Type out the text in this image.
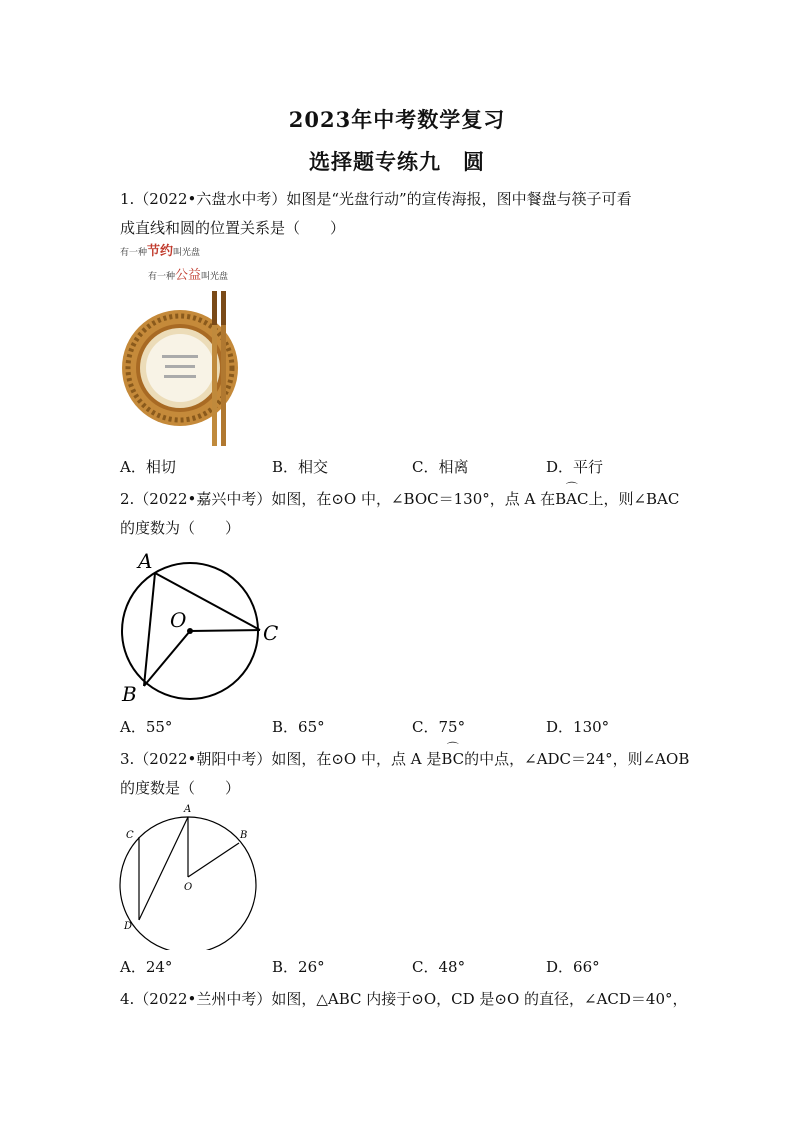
2023年中考数学复习
选择题专练九　圆
1.（2022•六盘水中考）如图是“光盘行动”的宣传海报，图中餐盘与筷子可看
成直线和圆的位置关系是（　　）
有一种节约叫光盘
有一种公益叫光盘
A．相切	B．相交	C．相离	D．平行
2.（2022•嘉兴中考）如图，在⊙O 中，∠BOC＝130°，点 A 在⌒ BAC上，则∠BAC
的度数为（　　）
A
O
C
B
A．55°	B．65°	C．75°	D．130°
3.（2022•朝阳中考）如图，在⊙O 中，点 A 是⌒ BC的中点，∠ADC＝24°，则∠AOB
的度数是（　　）
A
B
C
D
O
A．24°	B．26°	C．48°	D．66°
4.（2022•兰州中考）如图，△ABC 内接于⊙O，CD 是⊙O 的直径，∠ACD＝40°，
